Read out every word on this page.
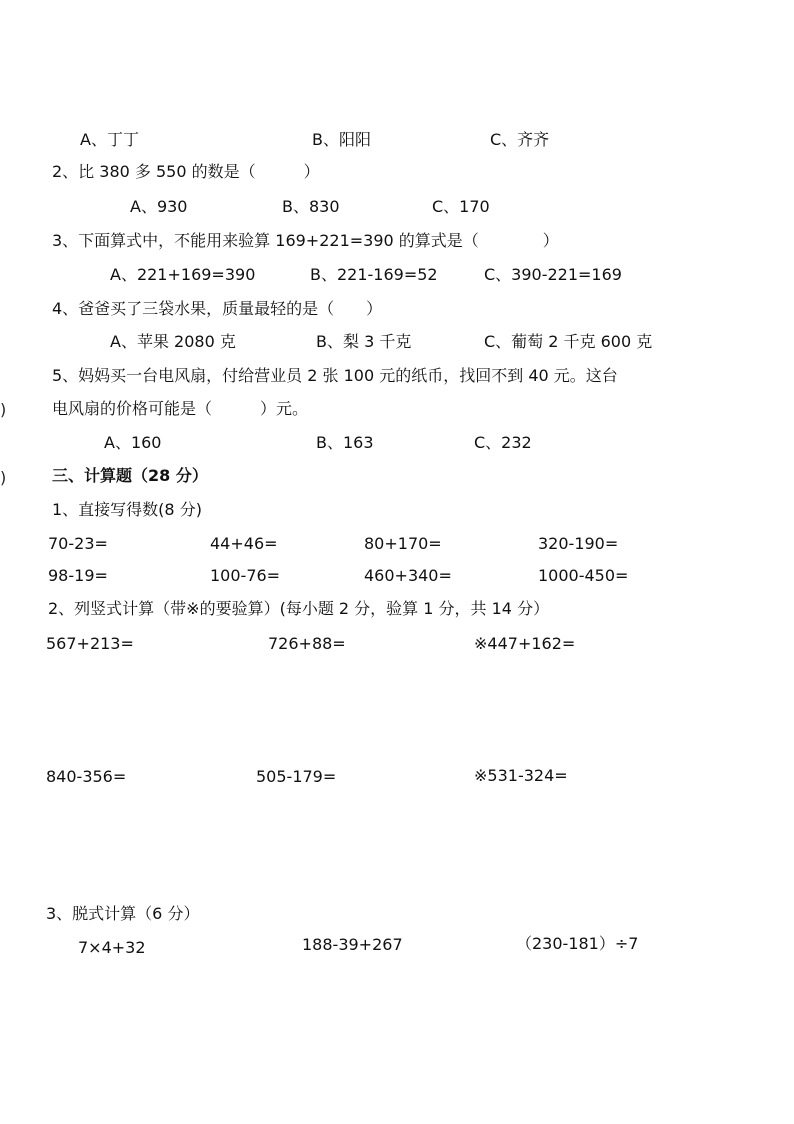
A、丁丁	B、阳阳	C、齐齐
2、比 380 多 550 的数是（　　　）
A、930	B、830	C、170
3、下面算式中，不能用来验算 169+221=390 的算式是（　　　　）
A、221+169=390	B、221-169=52	C、390-221=169
4、爸爸买了三袋水果，质量最轻的是（　　）
A、苹果 2080 克	B、梨 3 千克	C、葡萄 2 千克 600 克
5、妈妈买一台电风扇，付给营业员 2 张 100 元的纸币，找回不到 40 元。这台
电风扇的价格可能是（　　　）元。
A、160	B、163	C、232
)
)	三、计算题（28 分）
1、直接写得数(8 分)
70-23=	44+46=	80+170=	320-190=
98-19=	100-76=	460+340=	1000-450=
2、列竖式计算（带※的要验算）(每小题 2 分，验算 1 分，共 14 分）
567+213=	726+88=	※447+162=
840-356=	505-179=	※531-324=
3、脱式计算（6 分）
7×4+32	188-39+267	（230-181）÷7
